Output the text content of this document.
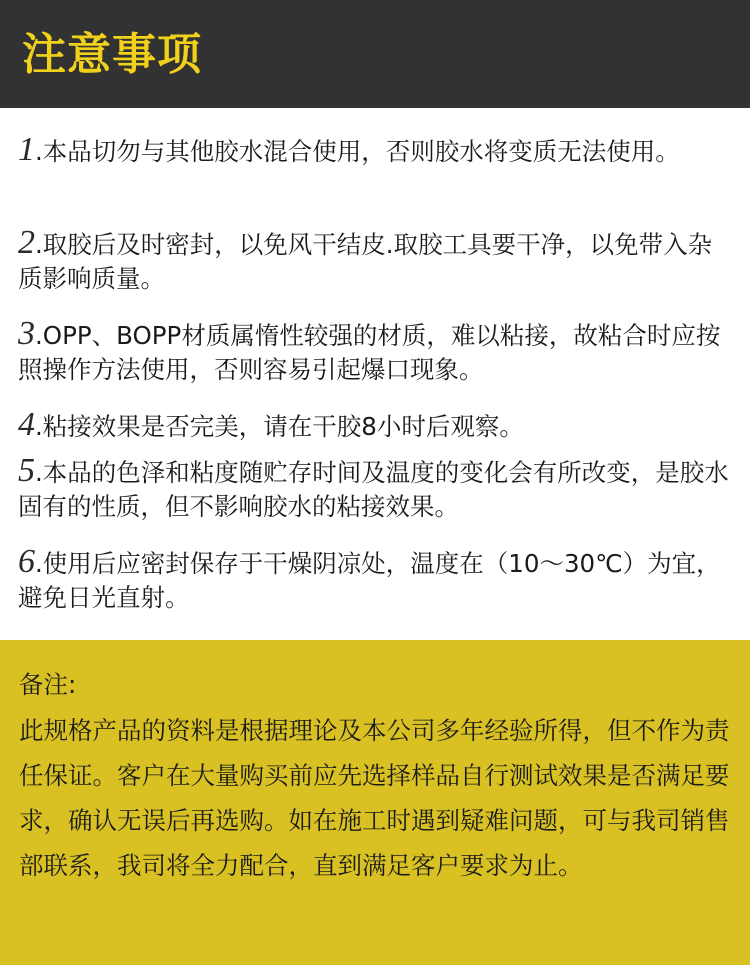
注意事项

1.本品切勿与其他胶水混合使用，否则胶水将变质无法使用。

2.取胶后及时密封，以免风干结皮.取胶工具要干净，以免带入杂质影响质量。

3.OPP、BOPP材质属惰性较强的材质，难以粘接，故粘合时应按照操作方法使用，否则容易引起爆口现象。

4.粘接效果是否完美，请在干胶8小时后观察。

5.本品的色泽和粘度随贮存时间及温度的变化会有所改变，是胶水固有的性质，但不影响胶水的粘接效果。

6.使用后应密封保存于干燥阴凉处，温度在（10～30℃）为宜，避免日光直射。

备注:

此规格产品的资料是根据理论及本公司多年经验所得，但不作为责任保证。客户在大量购买前应先选择样品自行测试效果是否满足要求，确认无误后再选购。如在施工时遇到疑难问题，可与我司销售部联系，我司将全力配合，直到满足客户要求为止。
